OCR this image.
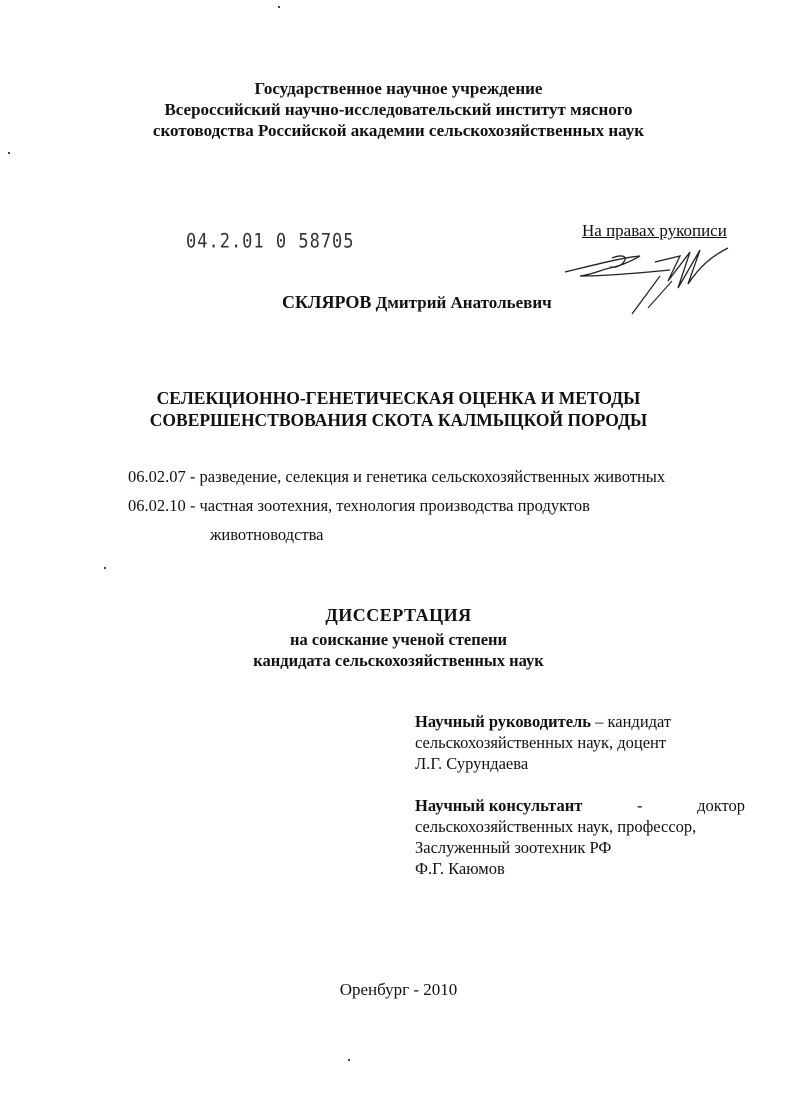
Государственное научное учреждение
Всероссийский научно-исследовательский институт мясного
скотоводства Российской академии сельскохозяйственных наук
04.2.01 0 58705	На правах рукописи
СКЛЯРОВ Дмитрий Анатольевич
СЕЛЕКЦИОННО-ГЕНЕТИЧЕСКАЯ ОЦЕНКА И МЕТОДЫ
СОВЕРШЕНСТВОВАНИЯ СКОТА КАЛМЫЦКОЙ ПОРОДЫ
06.02.07 - разведение, селекция и генетика сельскохозяйственных животных
06.02.10 - частная зоотехния, технология производства продуктов
животноводства
ДИССЕРТАЦИЯ
на соискание ученой степени
кандидата сельскохозяйственных наук
Научный руководитель – кандидат
сельскохозяйственных наук, доцент
Л.Г. Сурундаева
Научный консультант	-	доктор
сельскохозяйственных наук, профессор,
Заслуженный зоотехник РФ
Ф.Г. Каюмов
Оренбург - 2010
